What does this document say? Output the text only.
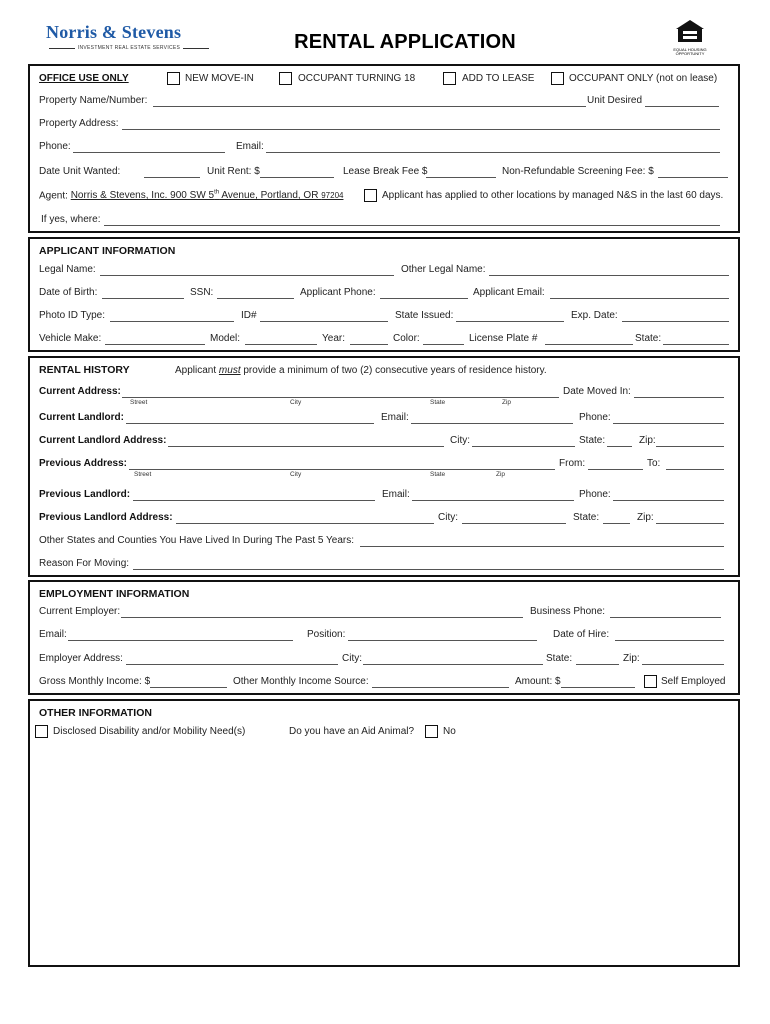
Norris & Stevens
INVESTMENT REAL ESTATE SERVICES	RENTAL APPLICATION	EQUAL HOUSING OPPORTUNITY
OFFICE USE ONLY	NEW MOVE-IN	OCCUPANT TURNING 18	ADD TO LEASE	OCCUPANT ONLY (not on lease)
Property Name/Number:	Unit Desired
Property Address:
Phone:	Email:
Date Unit Wanted:	Unit Rent: $	Lease Break Fee $	Non-Refundable Screening Fee: $
Agent: Norris & Stevens, Inc. 900 SW 5th Avenue, Portland, OR 97204	Applicant has applied to other locations by managed N&S in the last 60 days.
If yes, where:
APPLICANT INFORMATION
Legal Name:	Other Legal Name:
Date of Birth:	SSN:	Applicant Phone:	Applicant Email:
Photo ID Type:	ID#	State Issued:	Exp. Date:
Vehicle Make:	Model:	Year:	Color:	License Plate #	State:
RENTAL HISTORY	Applicant must provide a minimum of two (2) consecutive years of residence history.
Current Address:	Date Moved In:
Street	City	State	Zip
Current Landlord:	Email:	Phone:
Current Landlord Address:	City:	State:	Zip:
Previous Address:	From:	To:
Street	City	State	Zip
Previous Landlord:	Email:	Phone:
Previous Landlord Address:	City:	State:	Zip:
Other States and Counties You Have Lived In During The Past 5 Years:
Reason For Moving:
EMPLOYMENT INFORMATION
Current Employer:	Business Phone:
Email:	Position:	Date of Hire:
Employer Address:	City:	State:	Zip:
Gross Monthly Income: $	Other Monthly Income Source:	Amount: $	Self Employed
OTHER INFORMATION
Disclosed Disability and/or Mobility Need(s)	Do you have an Aid Animal?	No
